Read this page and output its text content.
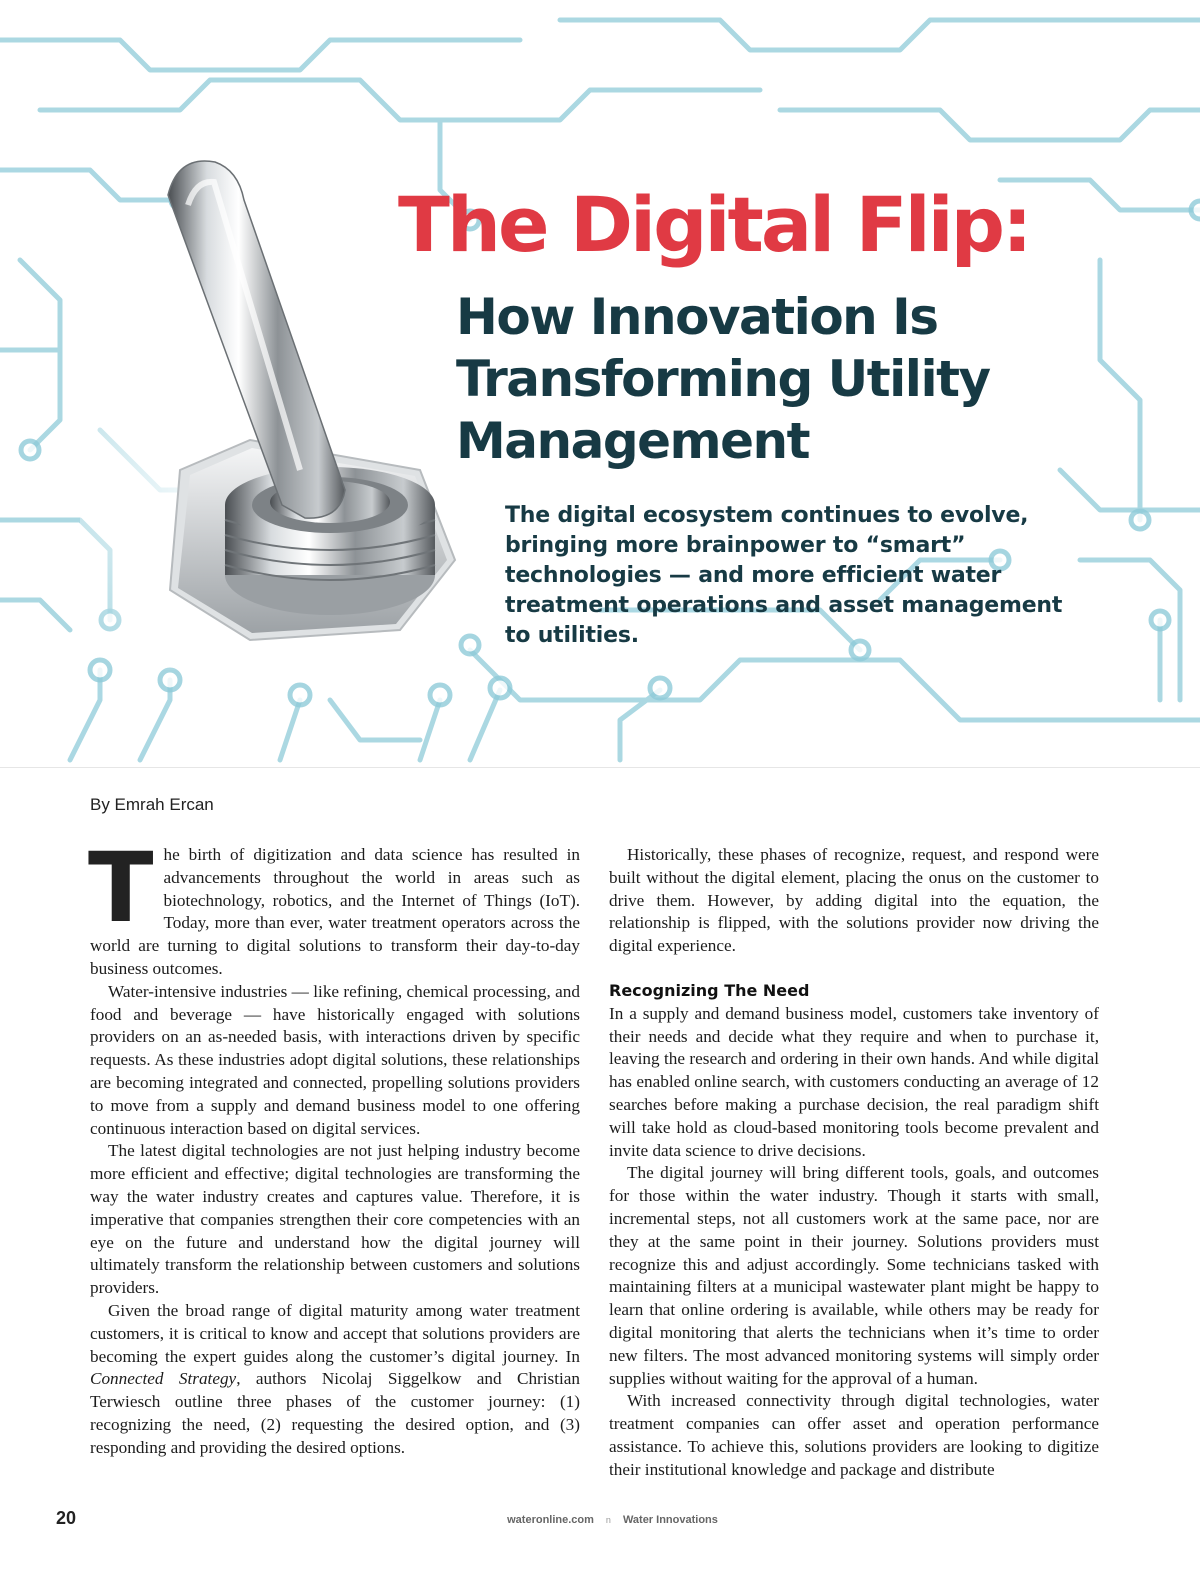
The Digital Flip:
How Innovation Is Transforming Utility Management

The digital ecosystem continues to evolve, bringing more brainpower to “smart” technologies — and more efficient water treatment operations and asset management to utilities.

By Emrah Ercan

The birth of digitization and data science has resulted in advancements throughout the world in areas such as biotechnology, robotics, and the Internet of Things (IoT). Today, more than ever, water treatment operators across the world are turning to digital solutions to transform their day-to-day business outcomes.

Water-intensive industries — like refining, chemical processing, and food and beverage — have historically engaged with solutions providers on an as-needed basis, with interactions driven by specific requests. As these industries adopt digital solutions, these relationships are becoming integrated and connected, propelling solutions providers to move from a supply and demand business model to one offering continuous interaction based on digital services.

The latest digital technologies are not just helping industry become more efficient and effective; digital technologies are transforming the way the water industry creates and captures value. Therefore, it is imperative that companies strengthen their core competencies with an eye on the future and understand how the digital journey will ultimately transform the relationship between customers and solutions providers.

Given the broad range of digital maturity among water treatment customers, it is critical to know and accept that solutions providers are becoming the expert guides along the customer’s digital journey. In Connected Strategy, authors Nicolaj Siggelkow and Christian Terwiesch outline three phases of the customer journey: (1) recognizing the need, (2) requesting the desired option, and (3) responding and providing the desired options.

Historically, these phases of recognize, request, and respond were built without the digital element, placing the onus on the customer to drive them. However, by adding digital into the equation, the relationship is flipped, with the solutions provider now driving the digital experience.

Recognizing The Need

In a supply and demand business model, customers take inventory of their needs and decide what they require and when to purchase it, leaving the research and ordering in their own hands. And while digital has enabled online search, with customers conducting an average of 12 searches before making a purchase decision, the real paradigm shift will take hold as cloud-based monitoring tools become prevalent and invite data science to drive decisions.

The digital journey will bring different tools, goals, and outcomes for those within the water industry. Though it starts with small, incremental steps, not all customers work at the same pace, nor are they at the same point in their journey. Solutions providers must recognize this and adjust accordingly. Some technicians tasked with maintaining filters at a municipal wastewater plant might be happy to learn that online ordering is available, while others may be ready for digital monitoring that alerts the technicians when it’s time to order new filters. The most advanced monitoring systems will simply order supplies without waiting for the approval of a human.

With increased connectivity through digital technologies, water treatment companies can offer asset and operation performance assistance. To achieve this, solutions providers are looking to digitize their institutional knowledge and package and distribute

20	wateronline.com n Water Innovations
